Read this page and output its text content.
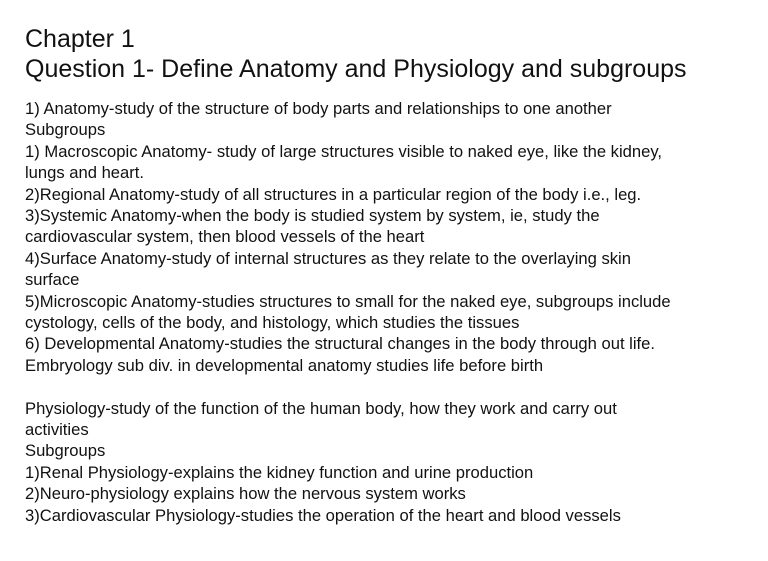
Chapter 1
Question 1- Define Anatomy and Physiology and subgroups
1) Anatomy-study of the structure of body parts and relationships to one another
Subgroups
1) Macroscopic Anatomy- study of large structures visible to naked eye, like the kidney,
lungs and heart.
2)Regional Anatomy-study of all structures in a particular region of the body i.e., leg.
3)Systemic Anatomy-when the body is studied system by system, ie, study the
cardiovascular system, then blood vessels of the heart
4)Surface Anatomy-study of internal structures as they relate to the overlaying skin
surface
5)Microscopic Anatomy-studies structures to small for the naked eye, subgroups include
cystology, cells of the body, and histology, which studies the tissues
6) Developmental Anatomy-studies the structural changes in the body through out life.
Embryology sub div. in developmental anatomy studies life before birth
Physiology-study of the function of the human body, how they work and carry out
activities
Subgroups
1)Renal Physiology-explains the kidney function and urine production
2)Neuro-physiology explains how the nervous system works
3)Cardiovascular Physiology-studies the operation of the heart and blood vessels
